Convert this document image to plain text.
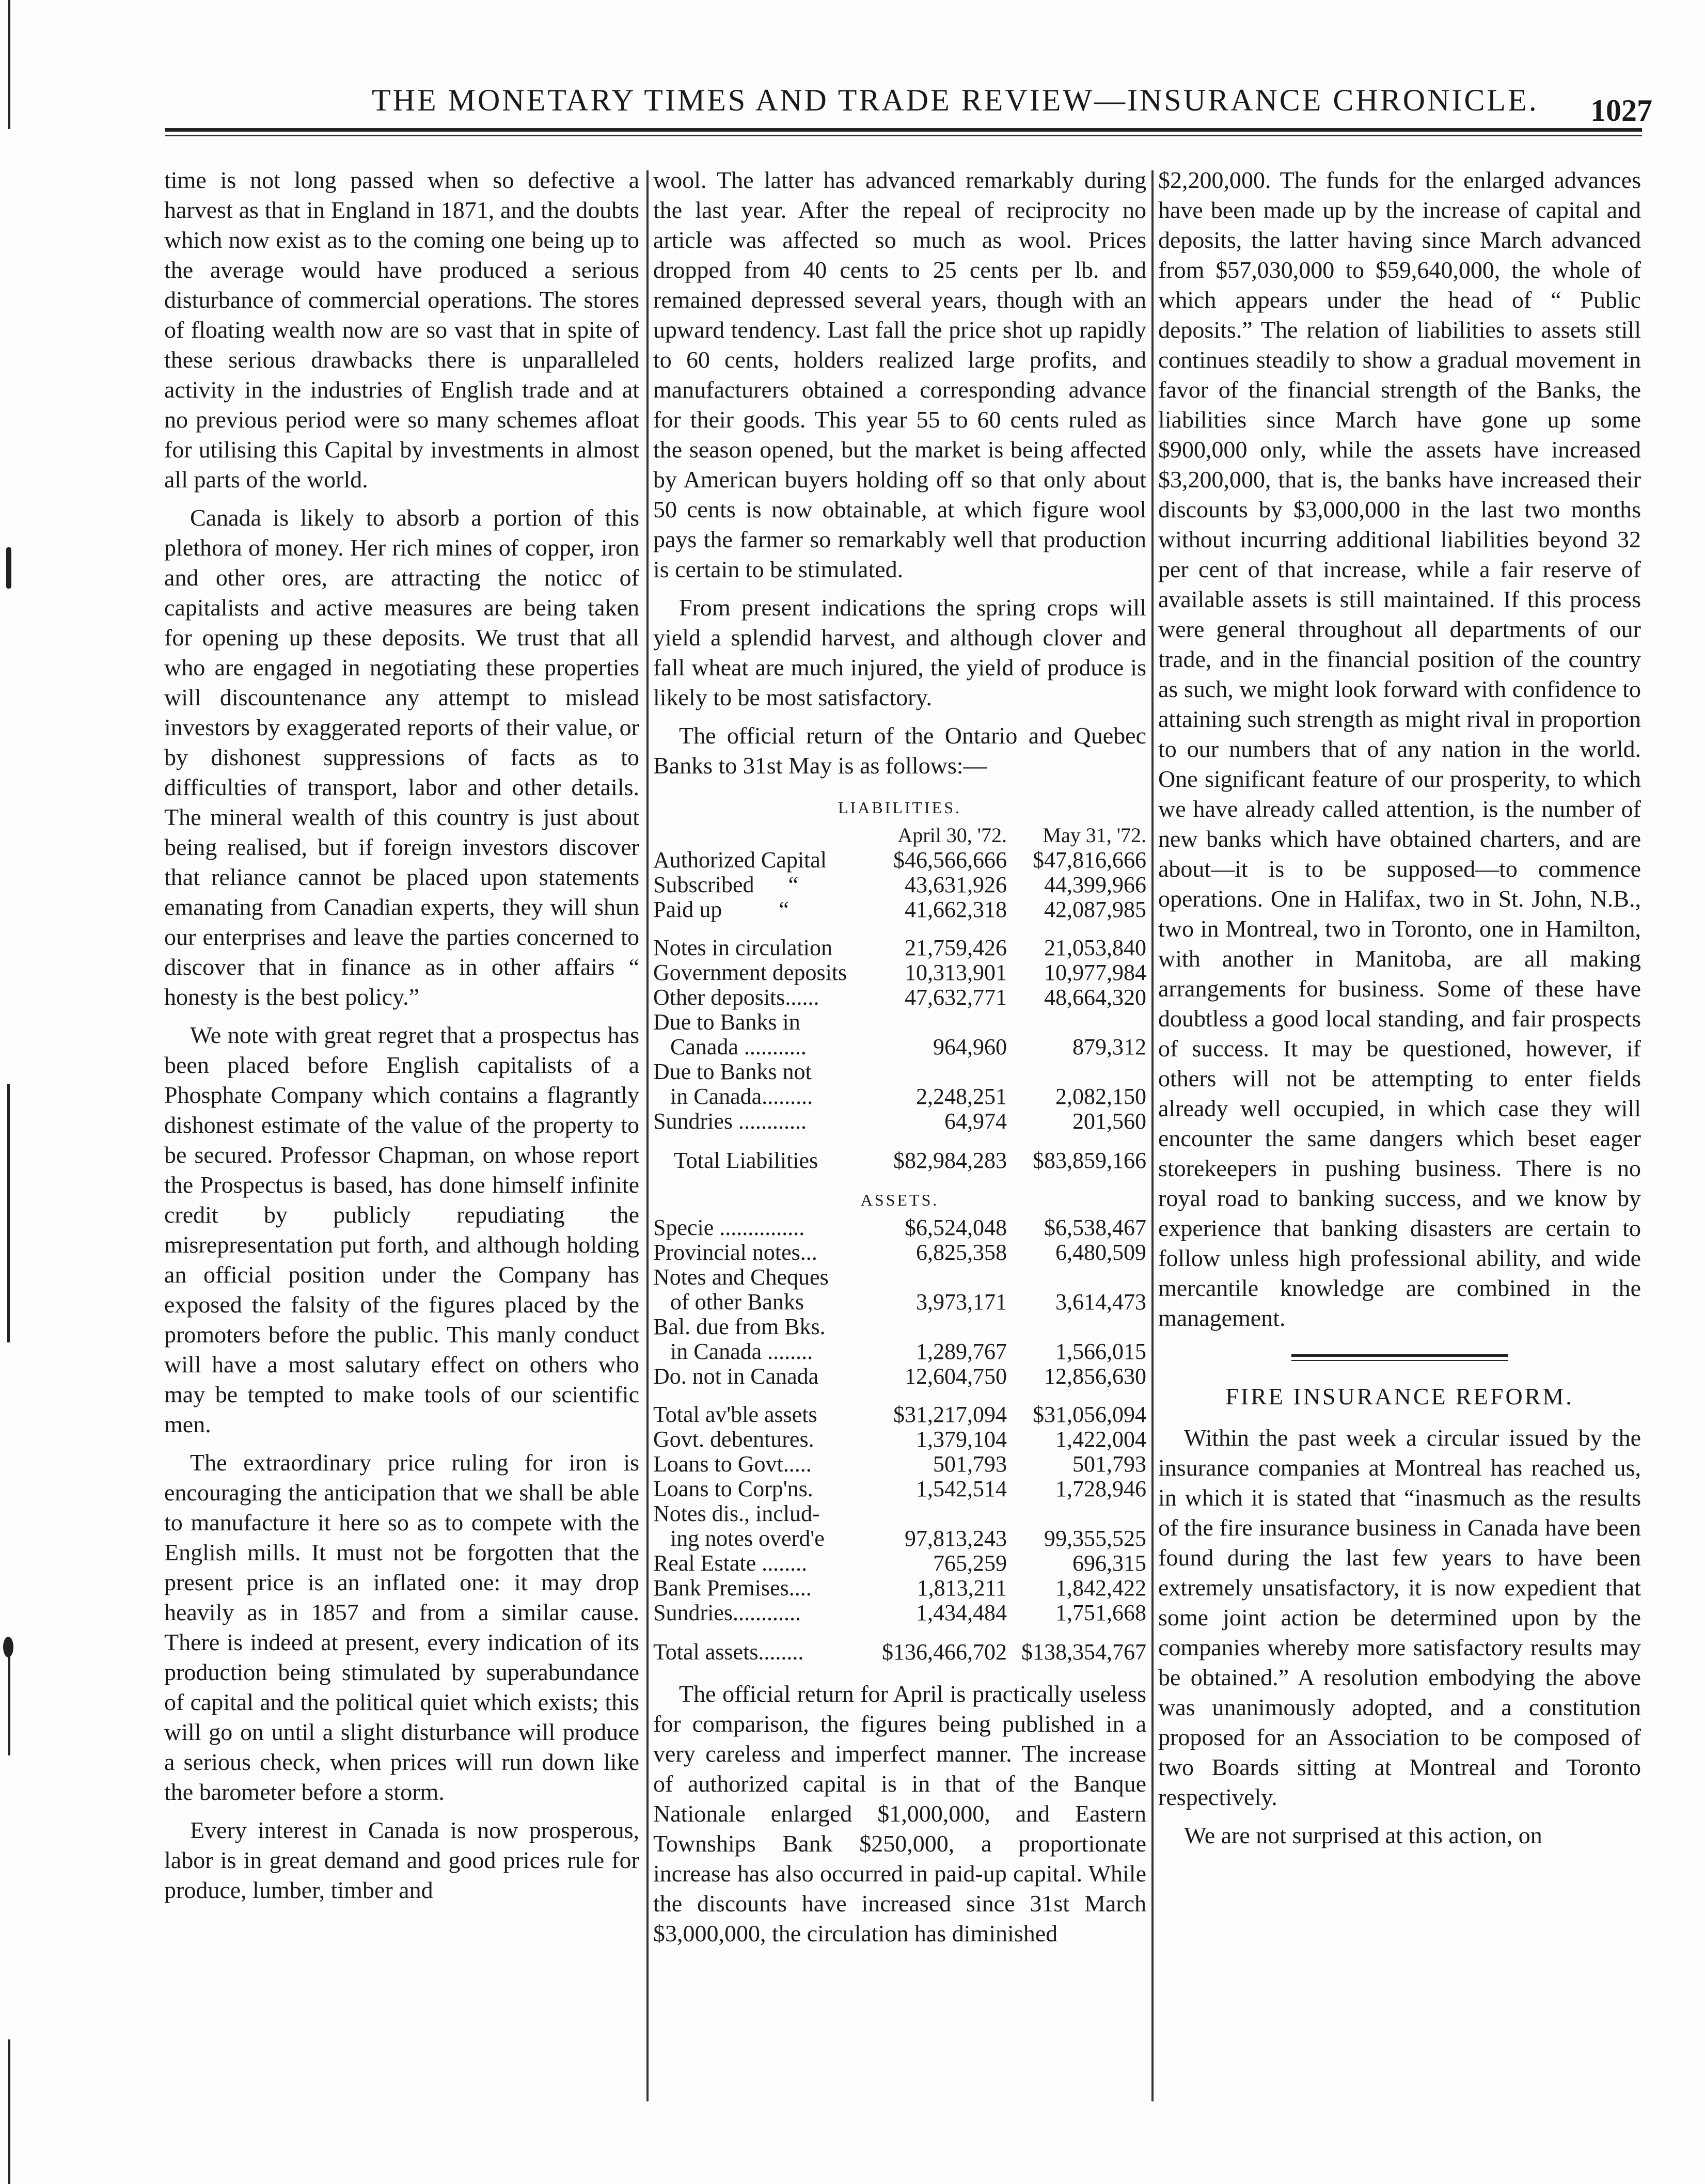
THE MONETARY TIMES AND TRADE REVIEW—INSURANCE CHRONICLE. 1027

time is not long passed when so defective a harvest as that in England in 1871, and the doubts which now exist as to the coming one being up to the average would have produced a serious disturbance of commercial operations. The stores of floating wealth now are so vast that in spite of these serious drawbacks there is unparalleled activity in the industries of English trade and at no previous period were so many schemes afloat for utilising this Capital by investments in almost all parts of the world.

Canada is likely to absorb a portion of this plethora of money. Her rich mines of copper, iron and other ores, are attracting the noticc of capitalists and active measures are being taken for opening up these deposits. We trust that all who are engaged in negotiating these properties will discountenance any attempt to mislead investors by exaggerated reports of their value, or by dishonest suppressions of facts as to difficulties of transport, labor and other details. The mineral wealth of this country is just about being realised, but if foreign investors discover that reliance cannot be placed upon statements emanating from Canadian experts, they will shun our enterprises and leave the parties concerned to discover that in finance as in other affairs “ honesty is the best policy.”

We note with great regret that a prospectus has been placed before English capitalists of a Phosphate Company which contains a flagrantly dishonest estimate of the value of the property to be secured. Professor Chapman, on whose report the Prospectus is based, has done himself infinite credit by publicly repudiating the misrepresentation put forth, and although holding an official position under the Company has exposed the falsity of the figures placed by the promoters before the public. This manly conduct will have a most salutary effect on others who may be tempted to make tools of our scientific men.

The extraordinary price ruling for iron is encouraging the anticipation that we shall be able to manufacture it here so as to compete with the English mills. It must not be forgotten that the present price is an inflated one: it may drop heavily as in 1857 and from a similar cause. There is indeed at present, every indication of its production being stimulated by superabundance of capital and the political quiet which exists; this will go on until a slight disturbance will produce a serious check, when prices will run down like the barometer before a storm.

Every interest in Canada is now prosperous, labor is in great demand and good prices rule for produce, lumber, timber and

wool. The latter has advanced remarkably during the last year. After the repeal of reciprocity no article was affected so much as wool. Prices dropped from 40 cents to 25 cents per lb. and remained depressed several years, though with an upward tendency. Last fall the price shot up rapidly to 60 cents, holders realized large profits, and manufacturers obtained a corresponding advance for their goods. This year 55 to 60 cents ruled as the season opened, but the market is being affected by American buyers holding off so that only about 50 cents is now obtainable, at which figure wool pays the farmer so remarkably well that production is certain to be stimulated.

From present indications the spring crops will yield a splendid harvest, and although clover and fall wheat are much injured, the yield of produce is likely to be most satisfactory.

The official return of the Ontario and Quebec Banks to 31st May is as follows:—

LIABILITIES.
April 30, '72.	May 31, '72.
Authorized Capital	$46,566,666	$47,816,666
Subscribed      “	43,631,926	44,399,966
Paid up          “	41,662,318	42,087,985
Notes in circulation	21,759,426	21,053,840
Government deposits	10,313,901	10,977,984
Other deposits......	47,632,771	48,664,320
Due to Banks in
Canada ...........	964,960	879,312
Due to Banks not
in Canada.........	2,248,251	2,082,150
Sundries ............	64,974	201,560
Total Liabilities	$82,984,283	$83,859,166
ASSETS.
Specie ...............	$6,524,048	$6,538,467
Provincial notes...	6,825,358	6,480,509
Notes and Cheques
of other Banks	3,973,171	3,614,473
Bal. due from Bks.
in Canada ........	1,289,767	1,566,015
Do. not in Canada	12,604,750	12,856,630
Total av'ble assets	$31,217,094	$31,056,094
Govt. debentures.	1,379,104	1,422,004
Loans to Govt.....	501,793	501,793
Loans to Corp'ns.	1,542,514	1,728,946
Notes dis., includ-
ing notes overd'e	97,813,243	99,355,525
Real Estate ........	765,259	696,315
Bank Premises....	1,813,211	1,842,422
Sundries............	1,434,484	1,751,668
Total assets........	$136,466,702 $138,354,767

The official return for April is practically useless for comparison, the figures being published in a very careless and imperfect manner. The increase of authorized capital is in that of the Banque Nationale enlarged $1,000,000, and Eastern Townships Bank $250,000, a proportionate increase has also occurred in paid-up capital. While the discounts have increased since 31st March $3,000,000, the circulation has diminished

$2,200,000. The funds for the enlarged advances have been made up by the increase of capital and deposits, the latter having since March advanced from $57,030,000 to $59,640,000, the whole of which appears under the head of “ Public deposits.” The relation of liabilities to assets still continues steadily to show a gradual movement in favor of the financial strength of the Banks, the liabilities since March have gone up some $900,000 only, while the assets have increased $3,200,000, that is, the banks have increased their discounts by $3,000,000 in the last two months without incurring additional liabilities beyond 32 per cent of that increase, while a fair reserve of available assets is still maintained. If this process were general throughout all departments of our trade, and in the financial position of the country as such, we might look forward with confidence to attaining such strength as might rival in proportion to our numbers that of any nation in the world. One significant feature of our prosperity, to which we have already called attention, is the number of new banks which have obtained charters, and are about—it is to be supposed—to commence operations. One in Halifax, two in St. John, N.B., two in Montreal, two in Toronto, one in Hamilton, with another in Manitoba, are all making arrangements for business. Some of these have doubtless a good local standing, and fair prospects of success. It may be questioned, however, if others will not be attempting to enter fields already well occupied, in which case they will encounter the same dangers which beset eager storekeepers in pushing business. There is no royal road to banking success, and we know by experience that banking disasters are certain to follow unless high professional ability, and wide mercantile knowledge are combined in the management.

FIRE INSURANCE REFORM.

Within the past week a circular issued by the insurance companies at Montreal has reached us, in which it is stated that “inasmuch as the results of the fire insurance business in Canada have been found during the last few years to have been extremely unsatisfactory, it is now expedient that some joint action be determined upon by the companies whereby more satisfactory results may be obtained.” A resolution embodying the above was unanimously adopted, and a constitution proposed for an Association to be composed of two Boards sitting at Montreal and Toronto respectively.

We are not surprised at this action, on
